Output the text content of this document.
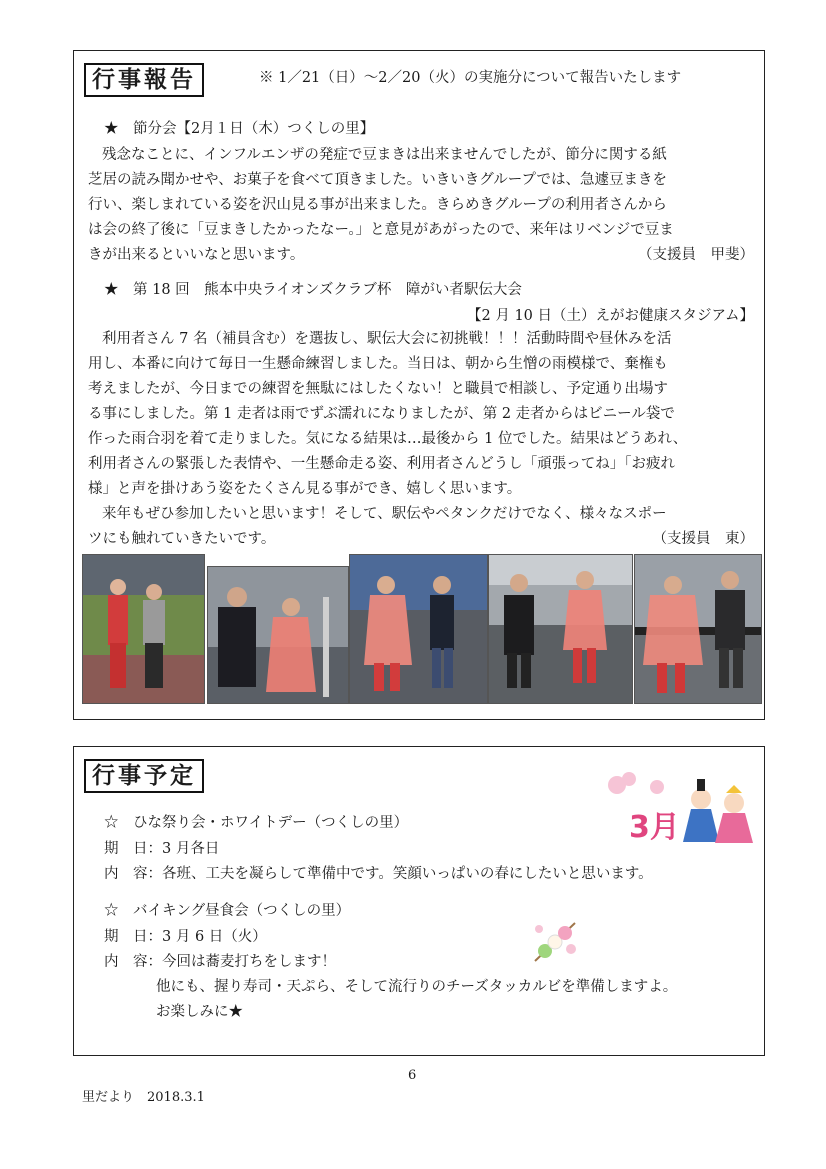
行事報告	※ 1／21（日）～2／20（火）の実施分について報告いたします
★　節分会【2月１日（木）つくしの里】
残念なことに、インフルエンザの発症で豆まきは出来ませんでしたが、節分に関する紙
芝居の読み聞かせや、お菓子を食べて頂きました。いきいきグループでは、急遽豆まきを
行い、楽しまれている姿を沢山見る事が出来ました。きらめきグループの利用者さんから
は会の終了後に「豆まきしたかったなー。」と意見があがったので、来年はリベンジで豆ま
きが出来るといいなと思います。	（支援員　甲斐）
★　第 18 回　熊本中央ライオンズクラブ杯　障がい者駅伝大会
【2 月 10 日（土）えがお健康スタジアム】
利用者さん 7 名（補員含む）を選抜し、駅伝大会に初挑戦！！！活動時間や昼休みを活
用し、本番に向けて毎日一生懸命練習しました。当日は、朝から生憎の雨模様で、棄権も
考えましたが、今日までの練習を無駄にはしたくない！と職員で相談し、予定通り出場す
る事にしました。第 1 走者は雨でずぶ濡れになりましたが、第 2 走者からはビニール袋で
作った雨合羽を着て走りました。気になる結果は…最後から 1 位でした。結果はどうあれ、
利用者さんの緊張した表情や、一生懸命走る姿、利用者さんどうし「頑張ってね」「お疲れ
様」と声を掛けあう姿をたくさん見る事ができ、嬉しく思います。
来年もぜひ参加したいと思います！そして、駅伝やペタンクだけでなく、様々なスポー
ツにも触れていきたいです。	（支援員　東）
行事予定
☆　ひな祭り会・ホワイトデー（つくしの里）
期　日：3 月各日
内　容：各班、工夫を凝らして準備中です。笑顔いっぱいの春にしたいと思います。
☆　バイキング昼食会（つくしの里）
期　日：3 月 6 日（火）
内　容：今回は蕎麦打ちをします！
他にも、握り寿司・天ぷら、そして流行りのチーズタッカルビを準備しますよ。
お楽しみに★
3月
6
里だより　2018.3.1
